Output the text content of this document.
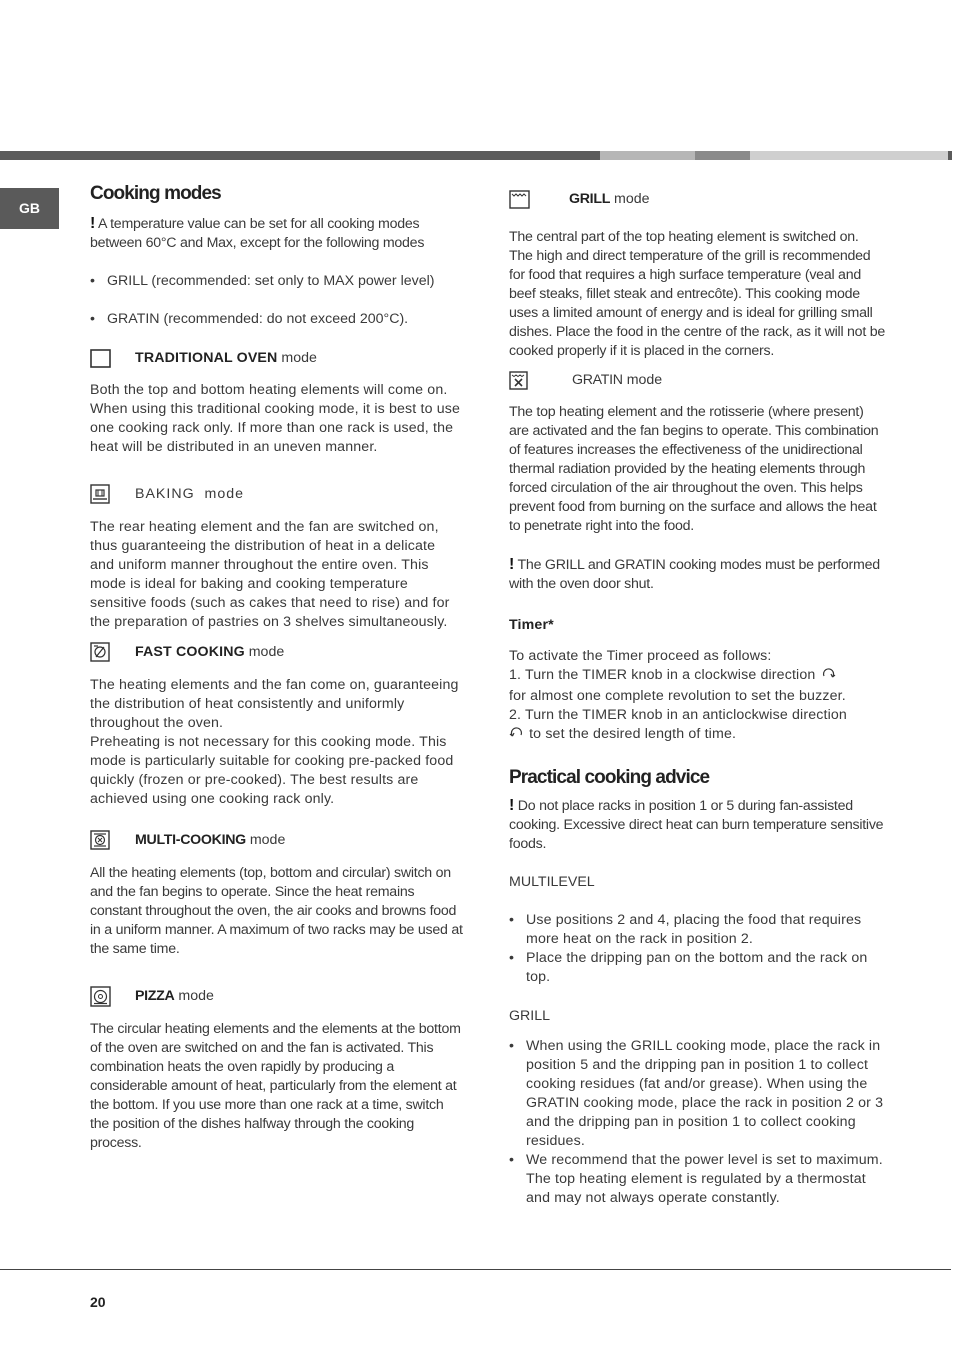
GB
Cooking modes

! A temperature value can be set for all cooking modes between 60°C and Max, except for the following modes

• GRILL (recommended: set only to MAX power level)
• GRATIN (recommended: do not exceed 200°C).
TRADITIONAL OVEN mode

Both the top and bottom heating elements will come on. When using this traditional cooking mode, it is best to use one cooking rack only. If more than one rack is used, the heat will be distributed in an uneven manner.

BAKING  mode

The rear heating element and the fan are switched on, thus guaranteeing the distribution of heat in a delicate and uniform manner throughout the entire oven. This mode is ideal for baking and cooking temperature sensitive foods (such as cakes that need to rise) and for the preparation of pastries on 3 shelves simultaneously.

FAST COOKING mode

The heating elements and the fan come on, guaranteeing the distribution of heat consistently and uniformly throughout the oven.

Preheating is not necessary for this cooking mode. This mode is particularly suitable for cooking pre-packed food quickly (frozen or pre-cooked). The best results are achieved using one cooking rack only.

MULTI-COOKING mode

All the heating elements (top, bottom and circular) switch on and the fan begins to operate. Since the heat remains constant throughout the oven, the air cooks and browns food in a uniform manner. A maximum of two racks may be used at the same time.

PIZZA mode

The circular heating elements and the elements at the bottom of the oven are switched on and the fan is activated. This combination heats the oven rapidly by producing a considerable amount of heat, particularly from the element at the bottom. If you use more than one rack at a time, switch the position of the dishes halfway through the cooking process.

GRILL mode

The central part of the top heating element is switched on. The high and direct temperature of the grill is recommended for food that requires a high surface temperature (veal and beef steaks, fillet steak and entrecôte). This cooking mode uses a limited amount of energy and is ideal for grilling small dishes. Place the food in the centre of the rack, as it will not be cooked properly if it is placed in the corners.

GRATIN mode

The top heating element and the rotisserie (where present) are activated and the fan begins to operate. This combination of features increases the effectiveness of the unidirectional thermal radiation provided by the heating elements through forced circulation of the air throughout the oven. This helps prevent food from burning on the surface and allows the heat to penetrate right into the food.

! The GRILL and GRATIN cooking modes must be performed with the oven door shut.

Timer*

To activate the Timer proceed as follows:

1. Turn the TIMER knob in a clockwise direction

for almost one complete revolution to set the buzzer.

2. Turn the TIMER knob in an anticlockwise direction

to set the desired length of time.

Practical cooking advice

! Do not place racks in position 1 or 5 during fan-assisted cooking. Excessive direct heat can burn temperature sensitive foods.

MULTILEVEL

• Use positions 2 and 4, placing the food that requires more heat on the rack in position 2.
• Place the dripping pan on the bottom and the rack on top.

GRILL

• When using the GRILL cooking mode, place the rack in position 5 and the dripping pan in position 1 to collect cooking residues (fat and/or grease). When using the GRATIN cooking mode, place the rack in position 2 or 3 and the dripping pan in position 1 to collect cooking residues.
• We recommend that the power level is set to maximum. The top heating element is regulated by a thermostat and may not always operate constantly.
20
